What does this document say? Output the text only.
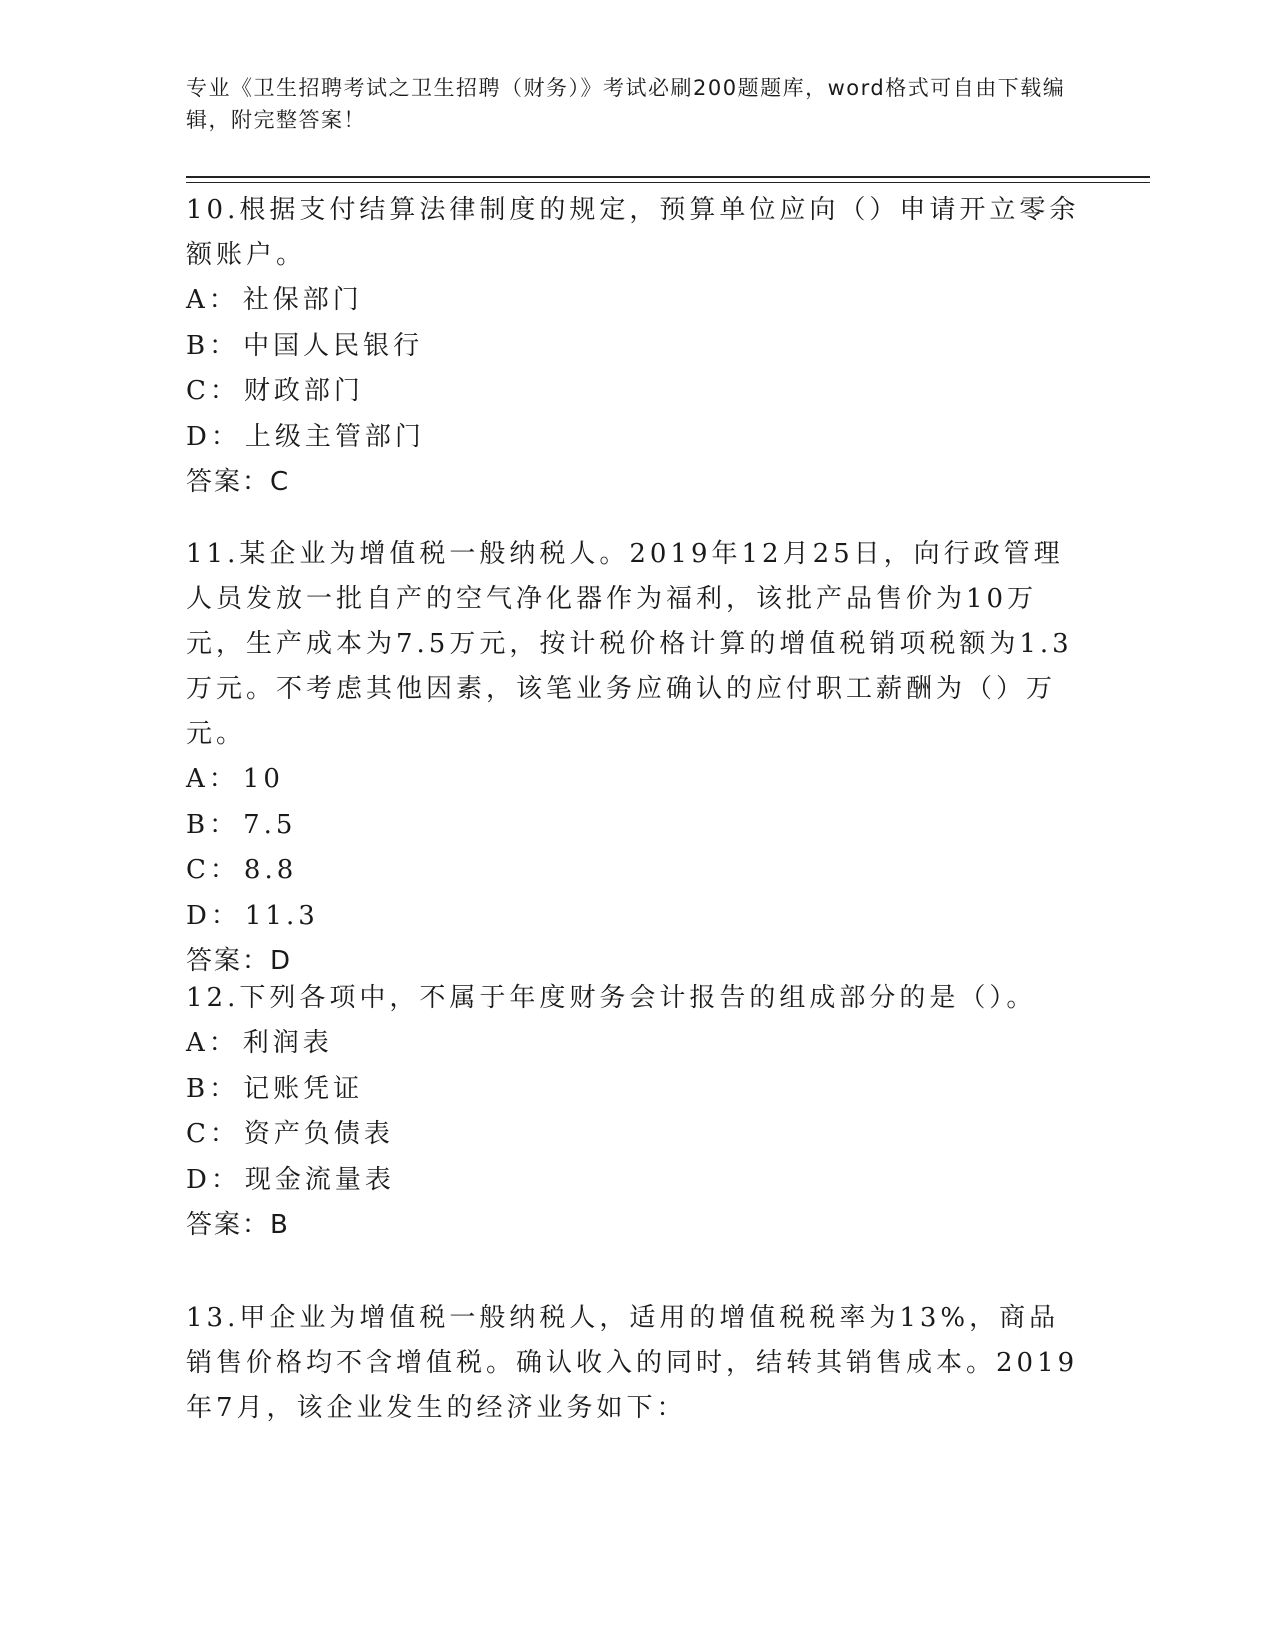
专业《卫生招聘考试之卫生招聘（财务）》考试必刷200题题库，word格式可自由下载编辑，附完整答案！

10.根据支付结算法律制度的规定，预算单位应向（）申请开立零余额账户。

A： 社保部门

B： 中国人民银行

C： 财政部门

D： 上级主管部门

答案：C

11.某企业为增值税一般纳税人。2019年12月25日，向行政管理人员发放一批自产的空气净化器作为福利，该批产品售价为10万元，生产成本为7.5万元，按计税价格计算的增值税销项税额为1.3万元。不考虑其他因素，该笔业务应确认的应付职工薪酬为（）万元。

A： 10

B： 7.5

C： 8.8

D： 11.3

答案：D

12.下列各项中，不属于年度财务会计报告的组成部分的是（）。

A： 利润表

B： 记账凭证

C： 资产负债表

D： 现金流量表

答案：B

13.甲企业为增值税一般纳税人，适用的增值税税率为13%，商品销售价格均不含增值税。确认收入的同时，结转其销售成本。2019年7月，该企业发生的经济业务如下：
